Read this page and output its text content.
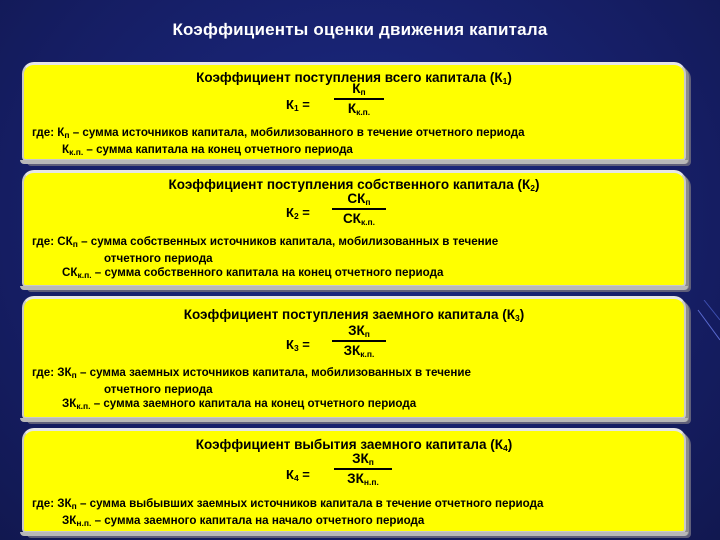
Коэффициенты оценки движения капитала
Коэффициент поступления всего капитала $(К_1)$
$К_1$ =
$К_п$
$К_{к.п.}$
где: $К_п$ – сумма источников капитала, мобилизованного в течение отчетного периода
$К_{к.п.}$ – сумма капитала на конец отчетного периода
Коэффициент поступления собственного капитала $(К_2)$
$К_2$ =
$СК_п$
$СК_{к.п.}$
где: $СК_п$ – сумма собственных источников капитала, мобилизованных в течение
отчетного периода
$СК_{к.п.}$ – сумма собственного капитала на конец отчетного периода
Коэффициент поступления заемного капитала $(К_3)$
$К_3$ =
$ЗК_п$
$ЗК_{к.п.}$
где: $ЗК_п$ – сумма заемных источников капитала, мобилизованных в течение
отчетного периода
$ЗК_{к.п.}$ – сумма заемного капитала на конец отчетного периода
Коэффициент выбытия заемного капитала $(К_4)$
$К_4$ =
$ЗК_п$
$ЗК_{н.п.}$
где: $ЗК_п$ – сумма выбывших заемных источников капитала в течение отчетного периода
$ЗК_{н.п.}$ – сумма заемного капитала на начало отчетного периода
